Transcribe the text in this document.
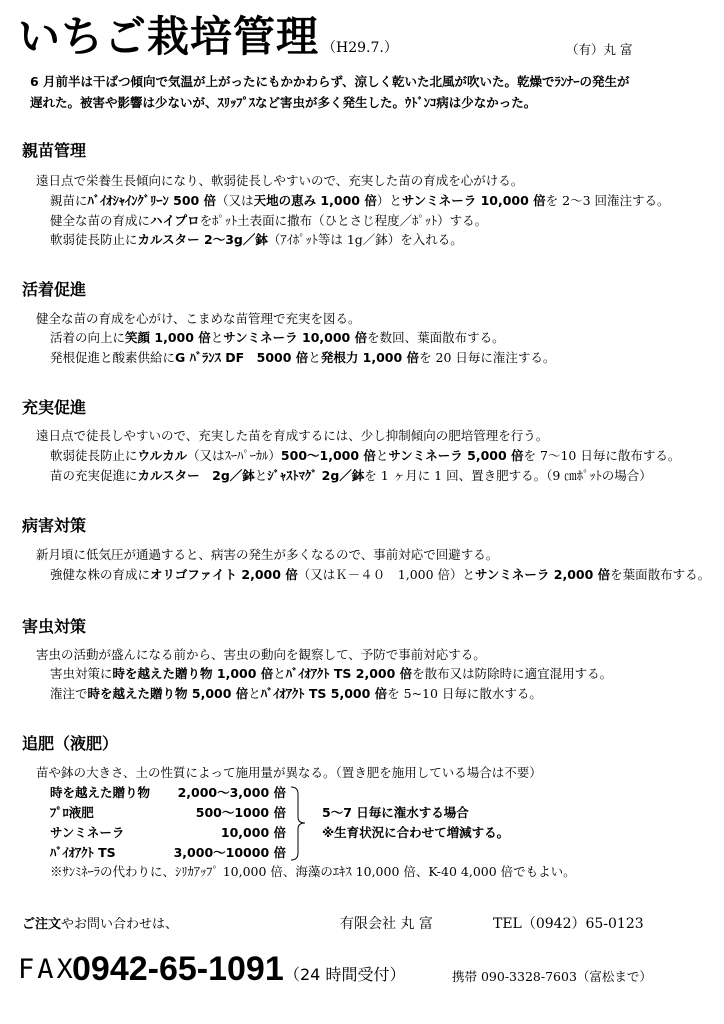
いちご栽培管理 （H29.7.）	（有）丸 富
6 月前半は干ばつ傾向で気温が上がったにもかかわらず、涼しく乾いた北風が吹いた。乾燥でﾗﾝﾅｰの発生が
遅れた。被害や影響は少ないが、ｽﾘｯﾌﾟｽなど害虫が多く発生した。ｳﾄﾞﾝｺ病は少なかった。
親苗管理
遠日点で栄養生長傾向になり、軟弱徒長しやすいので、充実した苗の育成を心がける。
親苗にﾊﾞｲｵｼｬｲﾝｸﾞﾘｰﾝ 500 倍（又は天地の恵み 1,000 倍）とサンミネーラ 10,000 倍を 2～3 回潅注する。
健全な苗の育成にハイプロをﾎﾟｯﾄ土表面に撒布（ひとさじ程度／ﾎﾟｯﾄ）する。
軟弱徒長防止にカルスター 2～3g／鉢（ｱｲﾎﾟｯﾄ等は 1g／鉢）を入れる。
活着促進
健全な苗の育成を心がけ、こまめな苗管理で充実を図る。
活着の向上に笑顔 1,000 倍とサンミネーラ 10,000 倍を数回、葉面散布する。
発根促進と酸素供給にG ﾊﾞﾗﾝｽ DF　5000 倍と発根力 1,000 倍を 20 日毎に潅注する。
充実促進
遠日点で徒長しやすいので、充実した苗を育成するには、少し抑制傾向の肥培管理を行う。
軟弱徒長防止にウルカル（又はｽｰﾊﾟｰｶﾙ）500～1,000 倍とサンミネーラ 5,000 倍を 7～10 日毎に散布する。
苗の充実促進にカルスター　2g／鉢とｼﾞｬｽﾄﾏｸﾞ 2g／鉢を 1 ヶ月に 1 回、置き肥する。（9 ㎝ﾎﾟｯﾄの場合）
病害対策
新月頃に低気圧が通過すると、病害の発生が多くなるので、事前対応で回避する。
強健な株の育成にオリゴファイト 2,000 倍（又はＫ－４０　1,000 倍）とサンミネーラ 2,000 倍を葉面散布する。
害虫対策
害虫の活動が盛んになる前から、害虫の動向を観察して、予防で事前対応する。
害虫対策に時を越えた贈り物 1,000 倍とﾊﾞｲｵｱｸﾄ TS 2,000 倍を散布又は防除時に適宜混用する。
潅注で時を越えた贈り物 5,000 倍とﾊﾞｲｵｱｸﾄ TS 5,000 倍を 5~10 日毎に散水する。
追肥（液肥）
苗や鉢の大きさ、土の性質によって施用量が異なる。（置き肥を施用している場合は不要）
時を越えた贈り物	2,000～3,000 倍
ﾌﾟﾛ液肥	500～1000 倍
サンミネーラ	10,000 倍
ﾊﾞｲｵｱｸﾄ TS	3,000～10000 倍
5～7 日毎に潅水する場合
※生育状況に合わせて増減する。
※ｻﾝﾐﾈｰﾗの代わりに、ｼﾘｶｱｯﾌﾟ 10,000 倍、海藻のｴｷｽ 10,000 倍、K-40 4,000 倍でもよい。
ご注文やお問い合わせは、	有限会社 丸 富	TEL（0942）65-0123
FAX
0942-65-1091 （24 時間受付）	携帯 090-3328-7603（富松まで）
